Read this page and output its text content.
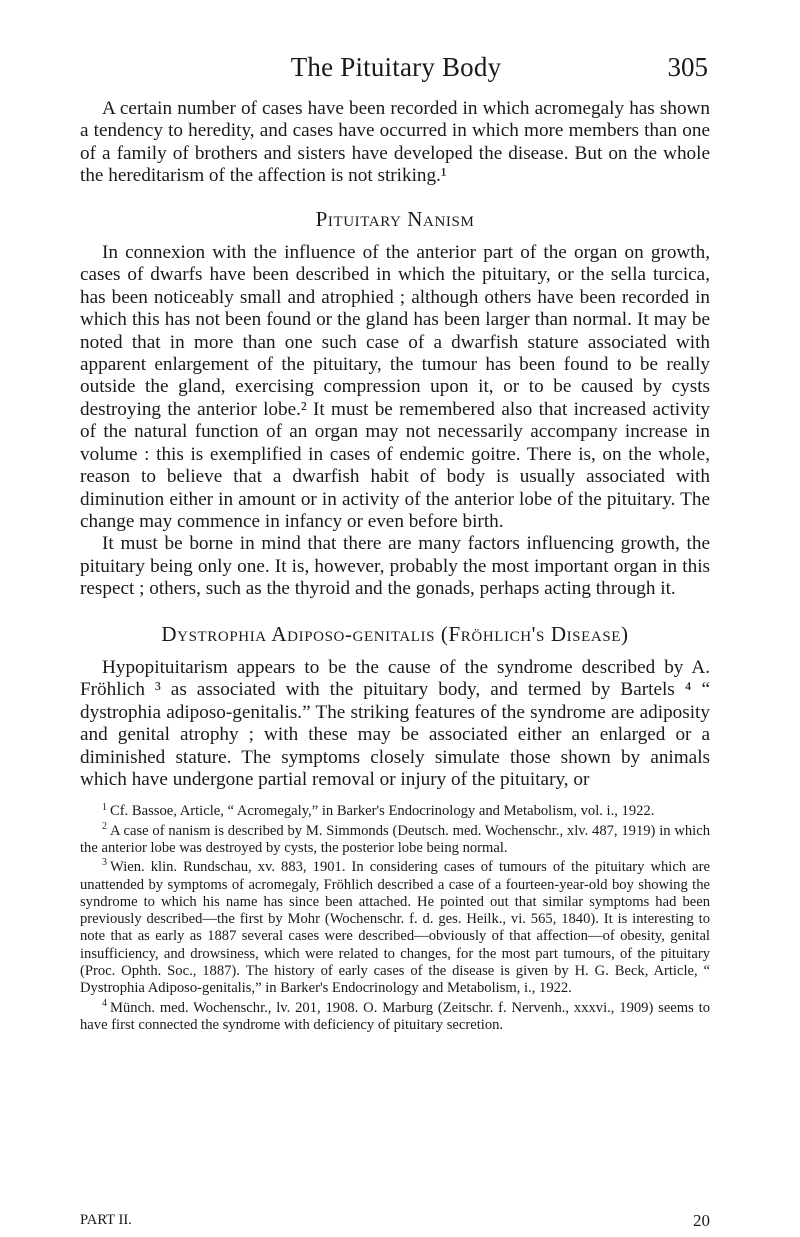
The Pituitary Body	305

A certain number of cases have been recorded in which acromegaly has shown a tendency to heredity, and cases have occurred in which more members than one of a family of brothers and sisters have developed the disease. But on the whole the hereditarism of the affection is not striking.¹

Pituitary Nanism

In connexion with the influence of the anterior part of the organ on growth, cases of dwarfs have been described in which the pituitary, or the sella turcica, has been noticeably small and atrophied ; although others have been recorded in which this has not been found or the gland has been larger than normal. It may be noted that in more than one such case of a dwarfish stature associated with apparent enlargement of the pituitary, the tumour has been found to be really outside the gland, exercising compression upon it, or to be caused by cysts destroying the anterior lobe.² It must be remembered also that increased activity of the natural function of an organ may not necessarily accompany increase in volume : this is exemplified in cases of endemic goitre. There is, on the whole, reason to believe that a dwarfish habit of body is usually associated with diminution either in amount or in activity of the anterior lobe of the pituitary. The change may commence in infancy or even before birth.

It must be borne in mind that there are many factors influencing growth, the pituitary being only one. It is, however, probably the most important organ in this respect ; others, such as the thyroid and the gonads, perhaps acting through it.

Dystrophia Adiposo-genitalis (Fröhlich's Disease)

Hypopituitarism appears to be the cause of the syndrome described by A. Fröhlich ³ as associated with the pituitary body, and termed by Bartels ⁴ “ dystrophia adiposo-genitalis.” The striking features of the syndrome are adiposity and genital atrophy ; with these may be associated either an enlarged or a diminished stature. The symptoms closely simulate those shown by animals which have undergone partial removal or injury of the pituitary, or

$^1$ Cf. Bassoe, Article, “ Acromegaly,” in Barker's Endocrinology and Metabolism, vol. i., 1922.

$^2$ A case of nanism is described by M. Simmonds (Deutsch. med. Wochenschr., xlv. 487, 1919) in which the anterior lobe was destroyed by cysts, the posterior lobe being normal.

$^3$ Wien. klin. Rundschau, xv. 883, 1901. In considering cases of tumours of the pituitary which are unattended by symptoms of acromegaly, Fröhlich described a case of a fourteen-year-old boy showing the syndrome to which his name has since been attached. He pointed out that similar symptoms had been previously described—the first by Mohr (Wochenschr. f. d. ges. Heilk., vi. 565, 1840). It is interesting to note that as early as 1887 several cases were described—obviously of that affection—of obesity, genital insufficiency, and drowsiness, which were related to changes, for the most part tumours, of the pituitary (Proc. Ophth. Soc., 1887). The history of early cases of the disease is given by H. G. Beck, Article, “ Dystrophia Adiposo-genitalis,” in Barker's Endocrinology and Metabolism, i., 1922.

$^4$ Münch. med. Wochenschr., lv. 201, 1908. O. Marburg (Zeitschr. f. Nervenh., xxxvi., 1909) seems to have first connected the syndrome with deficiency of pituitary secretion.

PART II.	20
